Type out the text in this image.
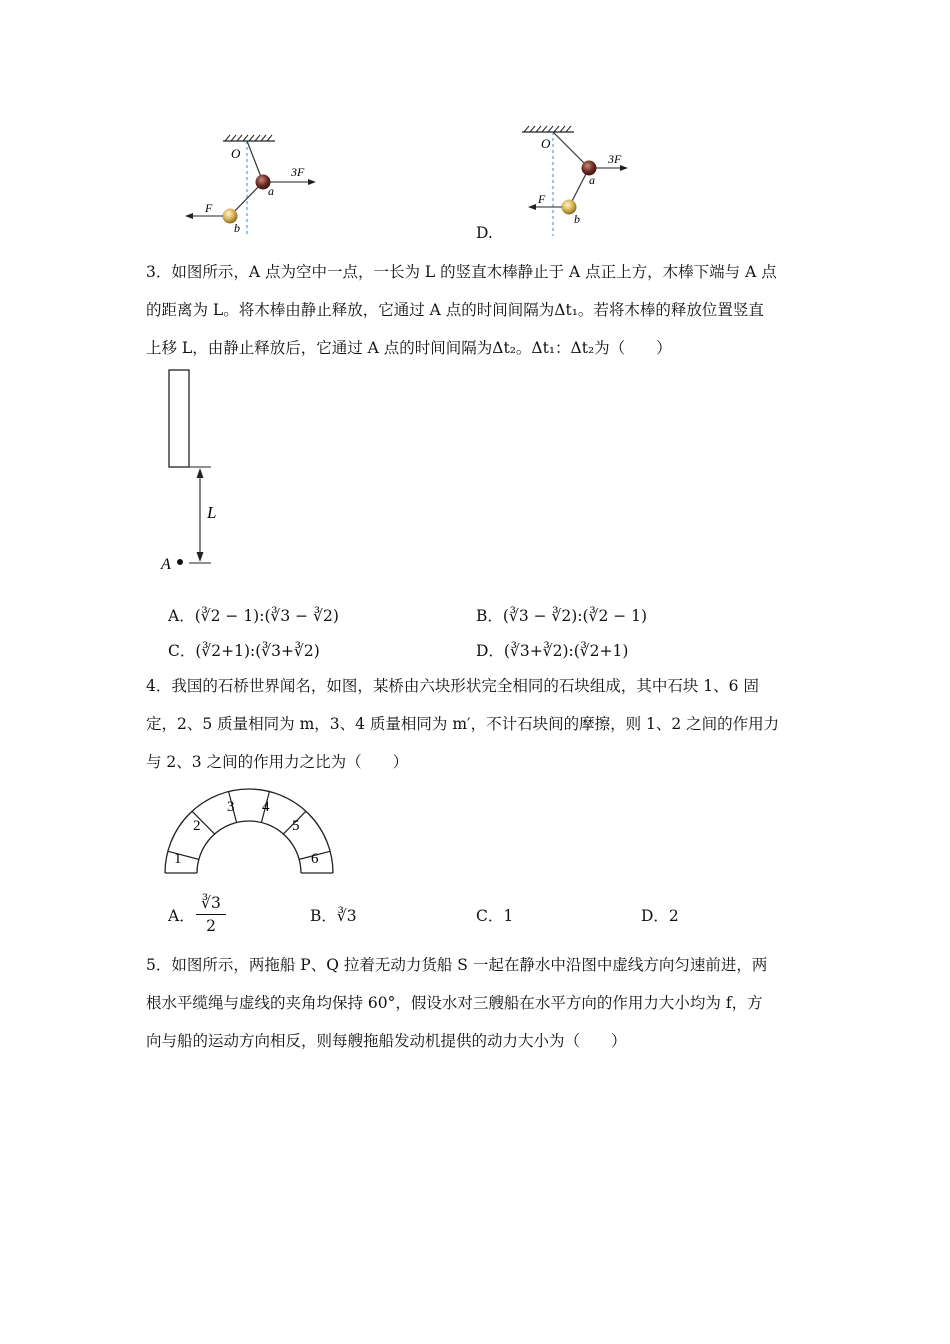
O
3F
a
F
b	D.
O
3F
a
F
b
3．如图所示，A 点为空中一点，一长为 L 的竖直木棒静止于 A 点正上方，木棒下端与 A 点
的距离为 L。将木棒由静止释放，它通过 A 点的时间间隔为Δt₁。若将木棒的释放位置竖直
上移 L，由静止释放后，它通过 A 点的时间间隔为Δt₂。Δt₁：Δt₂为（　　）
L
A
A．(∛2 − 1):(∛3 − ∛2)	B．(∛3 − ∛2):(∛2 − 1)
C．(∛2+1):(∛3+∛2)	D．(∛3+∛2):(∛2+1)
4．我国的石桥世界闻名，如图，某桥由六块形状完全相同的石块组成，其中石块 1、6 固
定，2、5 质量相同为 m，3、4 质量相同为 m′，不计石块间的摩擦，则 1、2 之间的作用力
与 2、3 之间的作用力之比为（　　）
1
2
3 4
5
6
A． $\frac{∛3}{2}$	B．∛3	C．1	D．2
5．如图所示，两拖船 P、Q 拉着无动力货船 S 一起在静水中沿图中虚线方向匀速前进，两
根水平缆绳与虚线的夹角均保持 60°，假设水对三艘船在水平方向的作用力大小均为 f，方
向与船的运动方向相反，则每艘拖船发动机提供的动力大小为（　　）
